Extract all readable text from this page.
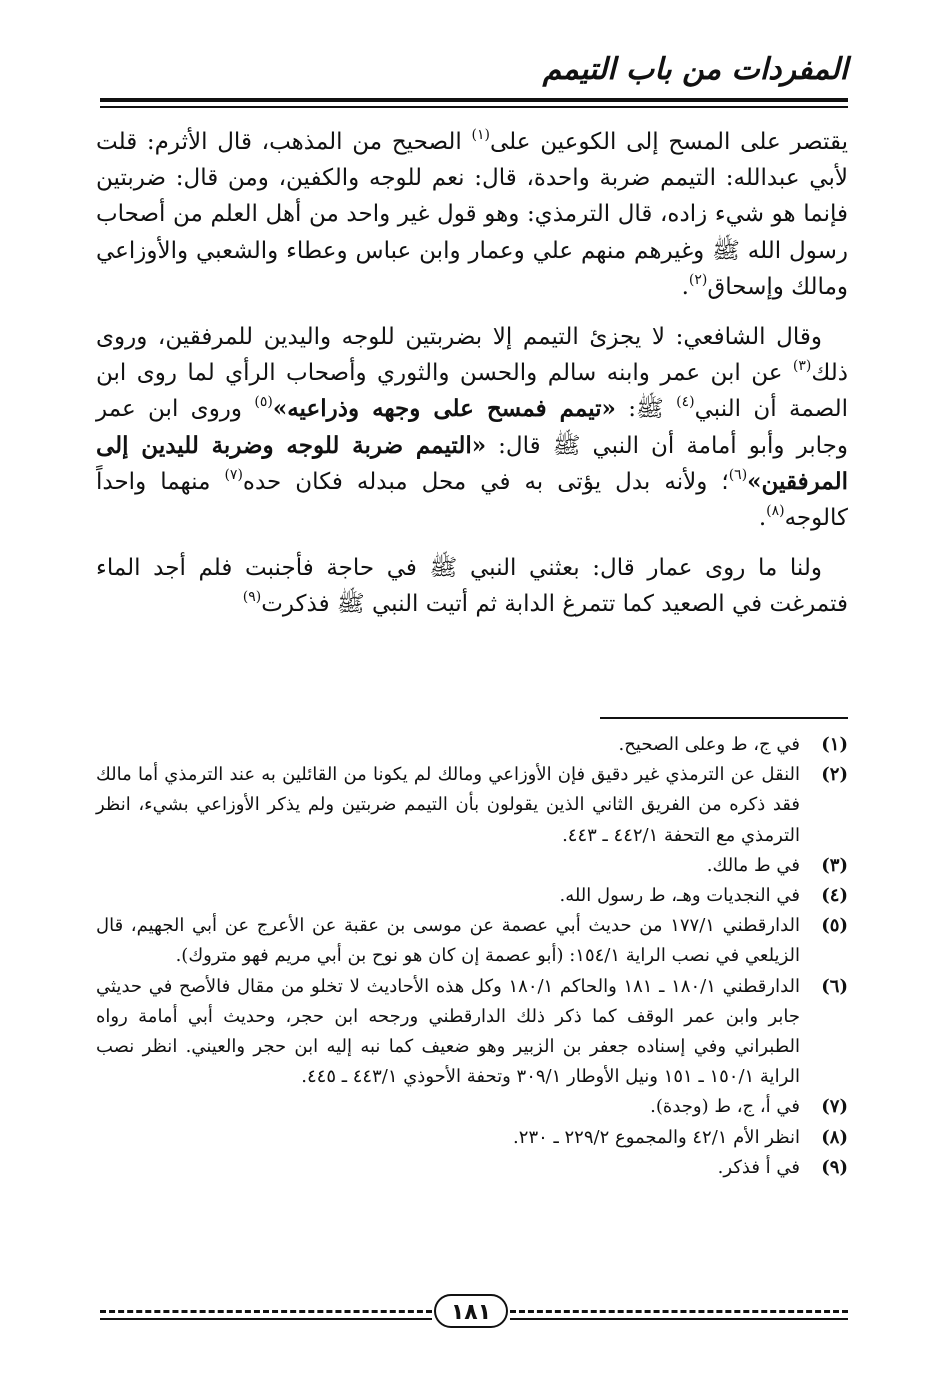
المفردات من باب التيمم

يقتصر على المسح إلى الكوعين على$^{(١)}$ الصحيح من المذهب، قال الأثرم: قلت لأبي عبدالله: التيمم ضربة واحدة، قال: نعم للوجه والكفين، ومن قال: ضربتين فإنما هو شيء زاده، قال الترمذي: وهو قول غير واحد من أهل العلم من أصحاب رسول الله ﷺ وغيرهم منهم علي وعمار وابن عباس وعطاء والشعبي والأوزاعي ومالك وإسحاق$^{(٢)}$.

وقال الشافعي: لا يجزئ التيمم إلا بضربتين للوجه واليدين للمرفقين، وروى ذلك$^{(٣)}$ عن ابن عمر وابنه سالم والحسن والثوري وأصحاب الرأي لما روى ابن الصمة أن النبي$^{(٤)}$ ﷺ: «تيمم فمسح على وجهه وذراعيه»$^{(٥)}$ وروى ابن عمر وجابر وأبو أمامة أن النبي ﷺ قال: «التيمم ضربة للوجه وضربة لليدين إلى المرفقين»$^{(٦)}$؛ ولأنه بدل يؤتى به في محل مبدله فكان حده$^{(٧)}$ منهما واحداً كالوجه$^{(٨)}$.

ولنا ما روى عمار قال: بعثني النبي ﷺ في حاجة فأجنبت فلم أجد الماء فتمرغت في الصعيد كما تتمرغ الدابة ثم أتيت النبي ﷺ فذكرت$^{(٩)}$

(١)
في ج، ط وعلى الصحيح.
(٢)
النقل عن الترمذي غير دقيق فإن الأوزاعي ومالك لم يكونا من القائلين به عند الترمذي أما مالك فقد ذكره من الفريق الثاني الذين يقولون بأن التيمم ضربتين ولم يذكر الأوزاعي بشيء، انظر الترمذي مع التحفة ٤٤٢/١ ـ ٤٤٣.
(٣)
في ط مالك.
(٤)
في النجديات وهـ، ط رسول الله.
(٥)
الدارقطني ١٧٧/١ من حديث أبي عصمة عن موسى بن عقبة عن الأعرج عن أبي الجهيم، قال الزيلعي في نصب الراية ١٥٤/١: (أبو عصمة إن كان هو نوح بن أبي مريم فهو متروك).
(٦)
الدارقطني ١٨٠/١ ـ ١٨١ والحاكم ١٨٠/١ وكل هذه الأحاديث لا تخلو من مقال فالأصح في حديثي جابر وابن عمر الوقف كما ذكر ذلك الدارقطني ورجحه ابن حجر، وحديث أبي أمامة رواه الطبراني وفي إسناده جعفر بن الزبير وهو ضعيف كما نبه إليه ابن حجر والعيني. انظر نصب الراية ١٥٠/١ ـ ١٥١ ونيل الأوطار ٣٠٩/١ وتحفة الأحوذي ٤٤٣/١ ـ ٤٤٥.
(٧)
في أ، ج، ط (وجدة).
(٨)
انظر الأم ٤٢/١ والمجموع ٢٢٩/٢ ـ ٢٣٠.
(٩)
في أ فذكر.
١٨١
